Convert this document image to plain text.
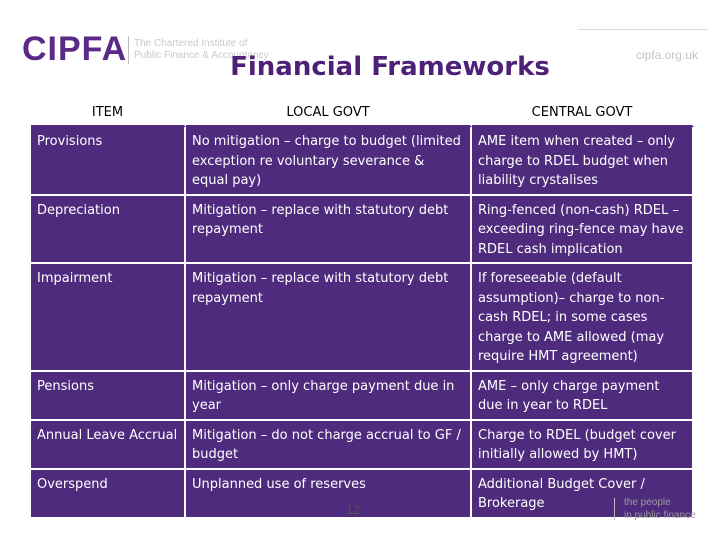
CIPFA The Chartered Institute of
Public Finance & Accountancy
Financial Frameworks	cipfa.org.uk
ITEM	LOCAL GOVT	CENTRAL GOVT
Provisions	No mitigation – charge to budget (limited exception re voluntary severance & equal pay)	AME item when created – only charge to RDEL budget when liability crystalises
Depreciation	Mitigation – replace with statutory debt repayment	Ring-fenced (non-cash) RDEL – exceeding ring-fence may have RDEL cash implication
Impairment	Mitigation – replace with statutory debt repayment	If foreseeable (default assumption)– charge to non-cash RDEL; in some cases charge to AME allowed (may require HMT agreement)
Pensions	Mitigation – only charge payment due in year	AME – only charge payment due in year to RDEL
Annual Leave Accrual	Mitigation – do not charge accrual to GF / budget	Charge to RDEL (budget cover initially allowed by HMT)
Overspend	Unplanned use of reserves	Additional Budget Cover / Brokerage
12
the people
in public finance
